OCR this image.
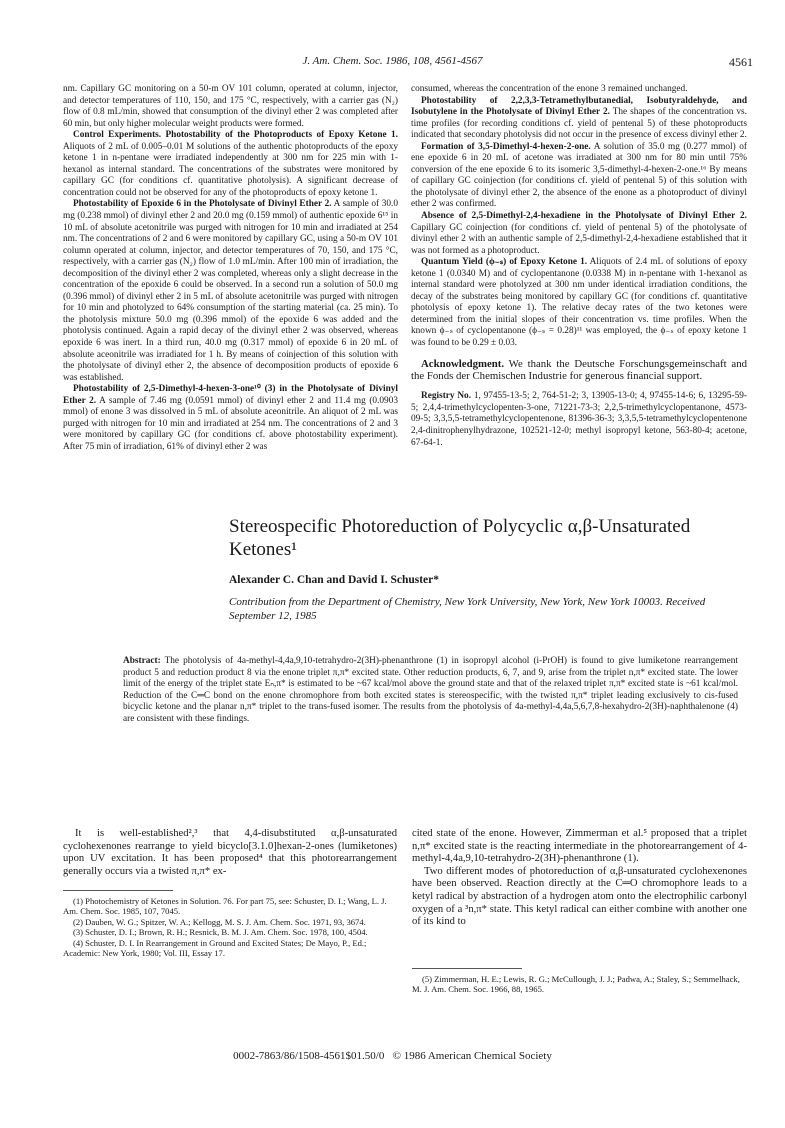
J. Am. Chem. Soc. 1986, 108, 4561-4567	4561

nm. Capillary GC monitoring on a 50-m OV 101 column, operated at column, injector, and detector temperatures of 110, 150, and 175 °C, respectively, with a carrier gas (N₂) flow of 0.8 mL/min, showed that consumption of the divinyl ether 2 was completed after 60 min, but only higher molecular weight products were formed.

Control Experiments. Photostability of the Photoproducts of Epoxy Ketone 1. Aliquots of 2 mL of 0.005–0.01 M solutions of the authentic photoproducts of the epoxy ketone 1 in n-pentane were irradiated independently at 300 nm for 225 min with 1-hexanol as internal standard. The concentrations of the substrates were monitored by capillary GC (for conditions cf. quantitative photolysis). A significant decrease of concentration could not be observed for any of the photoproducts of epoxy ketone 1.

Photostability of Epoxide 6 in the Photolysate of Divinyl Ether 2. A sample of 30.0 mg (0.238 mmol) of divinyl ether 2 and 20.0 mg (0.159 mmol) of authentic epoxide 6¹⁵ in 10 mL of absolute acetonitrile was purged with nitrogen for 10 min and irradiated at 254 nm. The concentrations of 2 and 6 were monitored by capillary GC, using a 50-m OV 101 column operated at column, injector, and detector temperatures of 70, 150, and 175 °C, respectively, with a carrier gas (N₂) flow of 1.0 mL/min. After 100 min of irradiation, the decomposition of the divinyl ether 2 was completed, whereas only a slight decrease in the concentration of the epoxide 6 could be observed. In a second run a solution of 50.0 mg (0.396 mmol) of divinyl ether 2 in 5 mL of absolute acetonitrile was purged with nitrogen for 10 min and photolyzed to 64% consumption of the starting material (ca. 25 min). To the photolysis mixture 50.0 mg (0.396 mmol) of the epoxide 6 was added and the photolysis continued. Again a rapid decay of the divinyl ether 2 was observed, whereas epoxide 6 was inert. In a third run, 40.0 mg (0.317 mmol) of epoxide 6 in 20 mL of absolute aceonitrile was irradiated for 1 h. By means of coinjection of this solution with the photolysate of divinyl ether 2, the absence of decomposition products of epoxide 6 was established.

Photostability of 2,5-Dimethyl-4-hexen-3-one¹⁰ (3) in the Photolysate of Divinyl Ether 2. A sample of 7.46 mg (0.0591 mmol) of divinyl ether 2 and 11.4 mg (0.0903 mmol) of enone 3 was dissolved in 5 mL of absolute aceonitrile. An aliquot of 2 mL was purged with nitrogen for 10 min and irradiated at 254 nm. The concentrations of 2 and 3 were monitored by capillary GC (for conditions cf. above photostability experiment). After 75 min of irradiation, 61% of divinyl ether 2 was

consumed, whereas the concentration of the enone 3 remained unchanged.

Photostability of 2,2,3,3-Tetramethylbutanedial, Isobutyraldehyde, and Isobutylene in the Photolysate of Divinyl Ether 2. The shapes of the concentration vs. time profiles (for recording conditions cf. yield of pentenal 5) of these photoproducts indicated that secondary photolysis did not occur in the presence of excess divinyl ether 2.

Formation of 3,5-Dimethyl-4-hexen-2-one. A solution of 35.0 mg (0.277 mmol) of ene epoxide 6 in 20 mL of acetone was irradiated at 300 nm for 80 min until 75% conversion of the ene epoxide 6 to its isomeric 3,5-dimethyl-4-hexen-2-one.¹⁶ By means of capillary GC coinjection (for conditions cf. yield of pentenal 5) of this solution with the photolysate of divinyl ether 2, the absence of the enone as a photoproduct of divinyl ether 2 was confirmed.

Absence of 2,5-Dimethyl-2,4-hexadiene in the Photolysate of Divinyl Ether 2. Capillary GC coinjection (for conditions cf. yield of pentenal 5) of the photolysate of divinyl ether 2 with an authentic sample of 2,5-dimethyl-2,4-hexadiene established that it was not formed as a photoproduct.

Quantum Yield (ϕ₋ₛ) of Epoxy Ketone 1. Aliquots of 2.4 mL of solutions of epoxy ketone 1 (0.0340 M) and of cyclopentanone (0.0338 M) in n-pentane with 1-hexanol as internal standard were photolyzed at 300 nm under identical irradiation conditions, the decay of the substrates being monitored by capillary GC (for conditions cf. quantitative photolysis of epoxy ketone 1). The relative decay rates of the two ketones were determined from the initial slopes of their concentration vs. time profiles. When the known ϕ₋ₛ of cyclopentanone (ϕ₋ₛ = 0.28)¹¹ was employed, the ϕ₋ₛ of epoxy ketone 1 was found to be 0.29 ± 0.03.

Acknowledgment. We thank the Deutsche Forschungsgemeinschaft and the Fonds der Chemischen Industrie for generous financial support.

Registry No. 1, 97455-13-5; 2, 764-51-2; 3, 13905-13-0; 4, 97455-14-6; 6, 13295-59-5; 2,4,4-trimethylcyclopenten-3-one, 71221-73-3; 2,2,5-trimethylcyclopentanone, 4573-09-5; 3,3,5,5-tetramethylcyclopentenone, 81396-36-3; 3,3,5,5-tetramethylcyclopentenone 2,4-dinitrophenylhydrazone, 102521-12-0; methyl isopropyl ketone, 563-80-4; acetone, 67-64-1.

Stereospecific Photoreduction of Polycyclic α,β-Unsaturated Ketones¹
Alexander C. Chan and David I. Schuster*
Contribution from the Department of Chemistry, New York University, New York, New York 10003. Received September 12, 1985
Abstract: The photolysis of 4a-methyl-4,4a,9,10-tetrahydro-2(3H)-phenanthrone (1) in isopropyl alcohol (i-PrOH) is found to give lumiketone rearrangement product 5 and reduction product 8 via the enone triplet π,π* excited state. Other reduction products, 6, 7, and 9, arise from the triplet n,π* excited state. The lower limit of the energy of the triplet state Eₙ,π* is estimated to be ~67 kcal/mol above the ground state and that of the relaxed triplet π,π* excited state is ~61 kcal/mol. Reduction of the C═C bond on the enone chromophore from both excited states is stereospecific, with the twisted π,π* triplet leading exclusively to cis-fused bicyclic ketone and the planar n,π* triplet to the trans-fused isomer. The results from the photolysis of 4a-methyl-4,4a,5,6,7,8-hexahydro-2(3H)-naphthalenone (4) are consistent with these findings.

It is well-established²,³ that 4,4-disubstituted α,β-unsaturated cyclohexenones rearrange to yield bicyclo[3.1.0]hexan-2-ones (lumiketones) upon UV excitation. It has been proposed⁴ that this photorearrangement generally occurs via a twisted π,π* ex-

cited state of the enone. However, Zimmerman et al.⁵ proposed that a triplet n,π* excited state is the reacting intermediate in the photorearrangement of 4-methyl-4,4a,9,10-tetrahydro-2(3H)-phenanthrone (1).

Two different modes of photoreduction of α,β-unsaturated cyclohexenones have been observed. Reaction directly at the C═O chromophore leads to a ketyl radical by abstraction of a hydrogen atom onto the electrophilic carbonyl oxygen of a ³n,π* state. This ketyl radical can either combine with another one of its kind to

(1) Photochemistry of Ketones in Solution. 76. For part 75, see: Schuster, D. I.; Wang, L. J. Am. Chem. Soc. 1985, 107, 7045.

(2) Dauben, W. G.; Spitzer, W. A.; Kellogg, M. S. J. Am. Chem. Soc. 1971, 93, 3674.

(3) Schuster, D. I.; Brown, R. H.; Resnick, B. M. J. Am. Chem. Soc. 1978, 100, 4504.

(4) Schuster, D. I. In Rearrangement in Ground and Excited States; De Mayo, P., Ed.; Academic: New York, 1980; Vol. III, Essay 17.

(5) Zimmerman, H. E.; Lewis, R. G.; McCullough, J. J.; Padwa, A.; Staley, S.; Semmelhack, M. J. Am. Chem. Soc. 1966, 88, 1965.

0002-7863/86/1508-4561$01.50/0   © 1986 American Chemical Society
